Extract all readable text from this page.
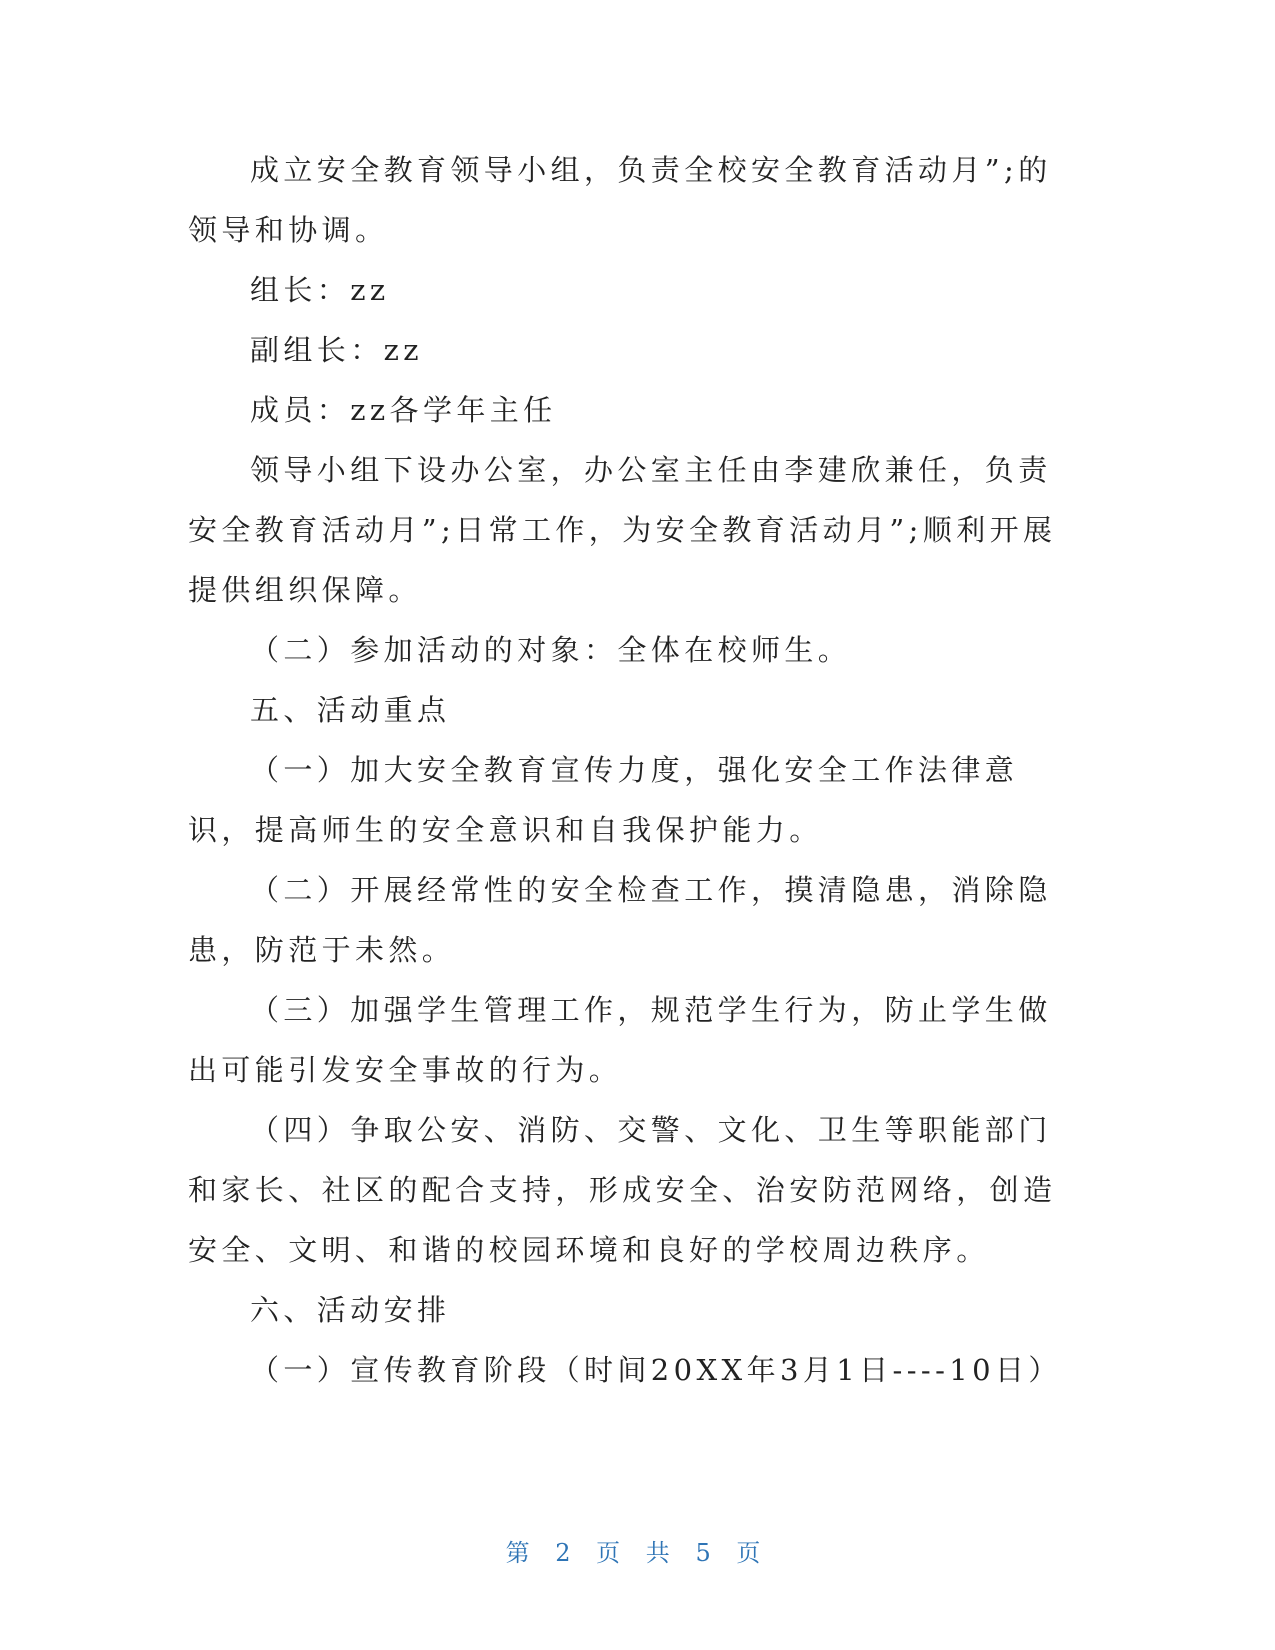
成立安全教育领导小组，负责全校安全教育活动月”;的领导和协调。

组长：zz

副组长：zz

成员：zz各学年主任

领导小组下设办公室，办公室主任由李建欣兼任，负责安全教育活动月”;日常工作，为安全教育活动月”;顺利开展提供组织保障。

（二）参加活动的对象：全体在校师生。

五、活动重点

（一）加大安全教育宣传力度，强化安全工作法律意识，提高师生的安全意识和自我保护能力。

（二）开展经常性的安全检查工作，摸清隐患，消除隐患，防范于未然。

（三）加强学生管理工作，规范学生行为，防止学生做出可能引发安全事故的行为。

（四）争取公安、消防、交警、文化、卫生等职能部门和家长、社区的配合支持，形成安全、治安防范网络，创造安全、文明、和谐的校园环境和良好的学校周边秩序。

六、活动安排

（一）宣传教育阶段（时间20XX年3月1日----10日）

第 2 页 共 5 页
